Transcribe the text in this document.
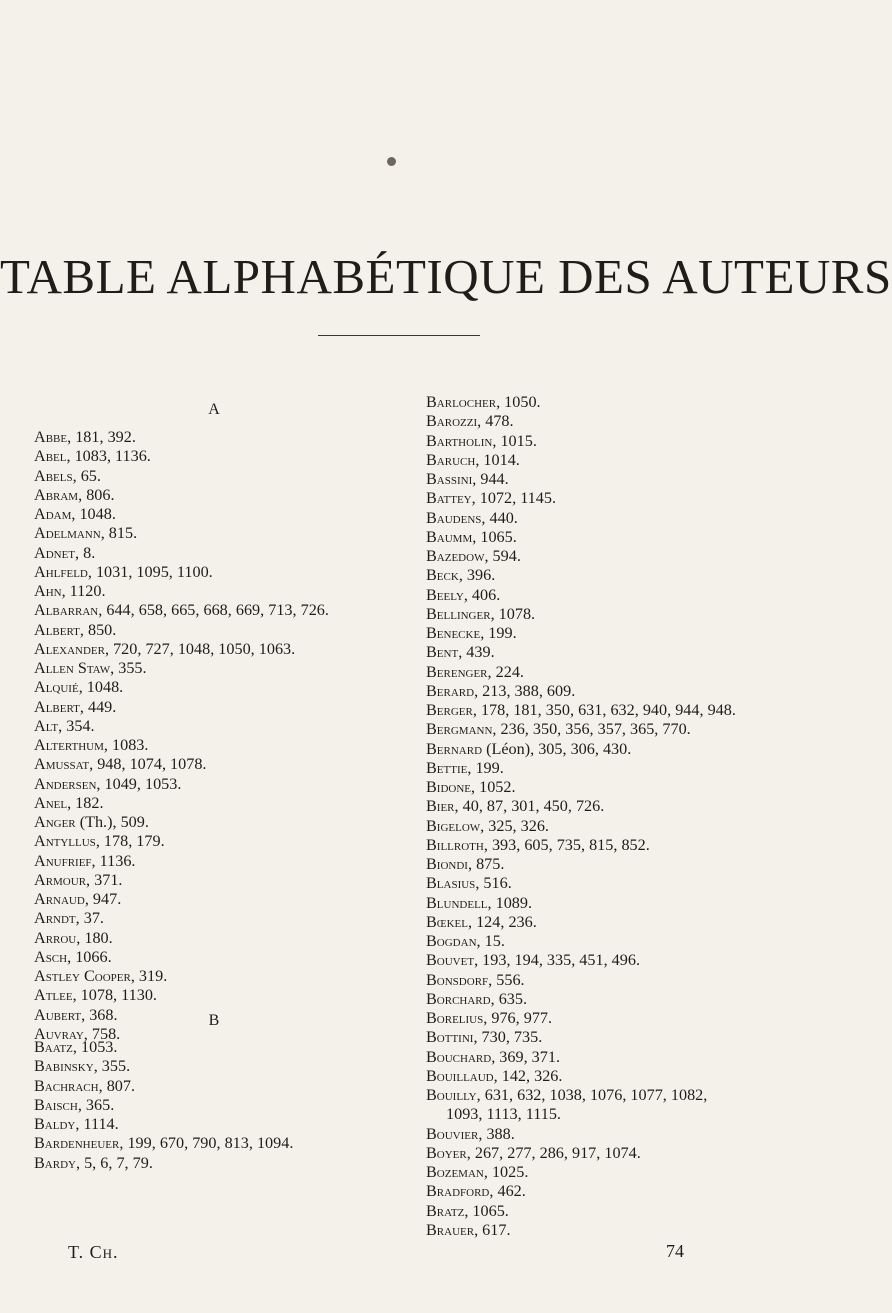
TABLE ALPHABÉTIQUE DES AUTEURS
A
Abbe, 181, 392.
Abel, 1083, 1136.
Abels, 65.
Abram, 806.
Adam, 1048.
Adelmann, 815.
Adnet, 8.
Ahlfeld, 1031, 1095, 1100.
Ahn, 1120.
Albarran, 644, 658, 665, 668, 669, 713, 726.
Albert, 850.
Alexander, 720, 727, 1048, 1050, 1063.
Allen Staw, 355.
Alquié, 1048.
Albert, 449.
Alt, 354.
Alterthum, 1083.
Amussat, 948, 1074, 1078.
Andersen, 1049, 1053.
Anel, 182.
Anger (Th.), 509.
Antyllus, 178, 179.
Anufrief, 1136.
Armour, 371.
Arnaud, 947.
Arndt, 37.
Arrou, 180.
Asch, 1066.
Astley Cooper, 319.
Atlee, 1078, 1130.
Aubert, 368.
Auvray, 758.
B
Baatz, 1053.
Babinsky, 355.
Bachrach, 807.
Baisch, 365.
Baldy, 1114.
Bardenheuer, 199, 670, 790, 813, 1094.
Bardy, 5, 6, 7, 79.
Barlocher, 1050.
Barozzi, 478.
Bartholin, 1015.
Baruch, 1014.
Bassini, 944.
Battey, 1072, 1145.
Baudens, 440.
Baumm, 1065.
Bazedow, 594.
Beck, 396.
Beely, 406.
Bellinger, 1078.
Benecke, 199.
Bent, 439.
Berenger, 224.
Berard, 213, 388, 609.
Berger, 178, 181, 350, 631, 632, 940, 944, 948.
Bergmann, 236, 350, 356, 357, 365, 770.
Bernard (Léon), 305, 306, 430.
Bettie, 199.
Bidone, 1052.
Bier, 40, 87, 301, 450, 726.
Bigelow, 325, 326.
Billroth, 393, 605, 735, 815, 852.
Biondi, 875.
Blasius, 516.
Blundell, 1089.
Bœkel, 124, 236.
Bogdan, 15.
Bouvet, 193, 194, 335, 451, 496.
Bonsdorf, 556.
Borchard, 635.
Borelius, 976, 977.
Bottini, 730, 735.
Bouchard, 369, 371.
Bouillaud, 142, 326.
Bouilly, 631, 632, 1038, 1076, 1077, 1082,
1093, 1113, 1115.
Bouvier, 388.
Boyer, 267, 277, 286, 917, 1074.
Bozeman, 1025.
Bradford, 462.
Bratz, 1065.
Brauer, 617.
T. Ch.	74
